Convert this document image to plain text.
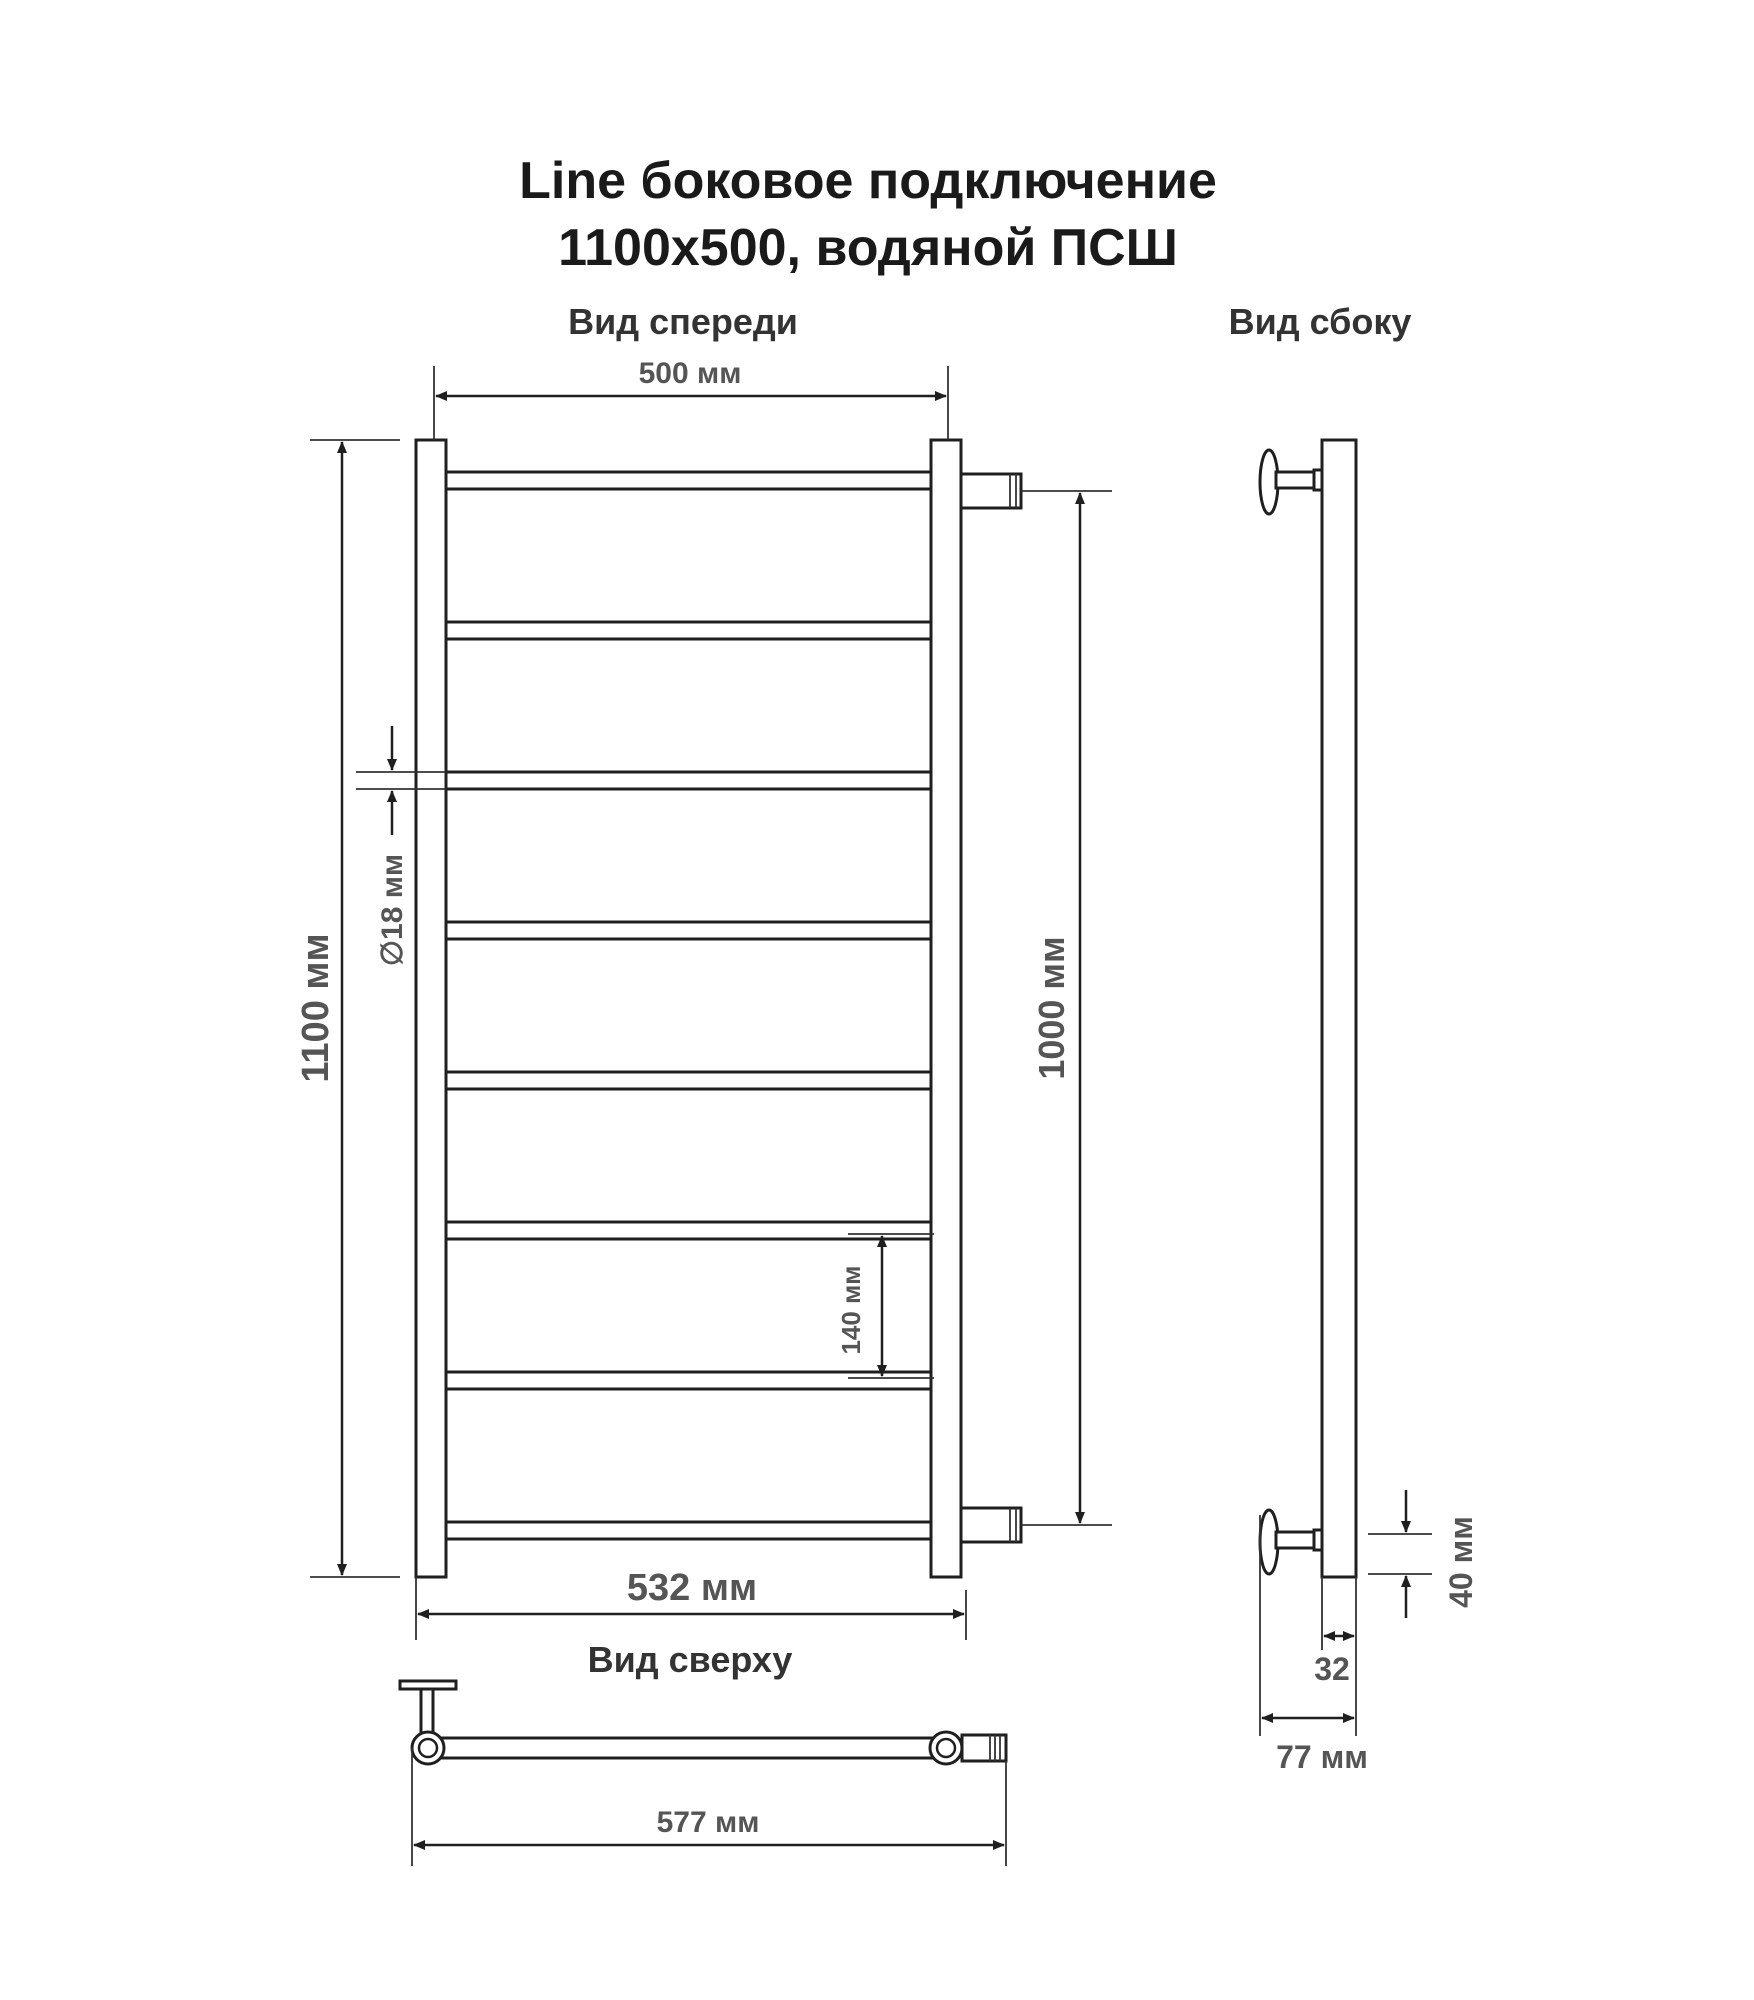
Line боковое подключение
1100x500, водяной ПСШ
Вид спереди	Вид сбоку
Вид сверху
500 мм
1100 мм
∅18 мм
1000 мм
140 мм
532 мм	40 мм
32
77 мм
577 мм
